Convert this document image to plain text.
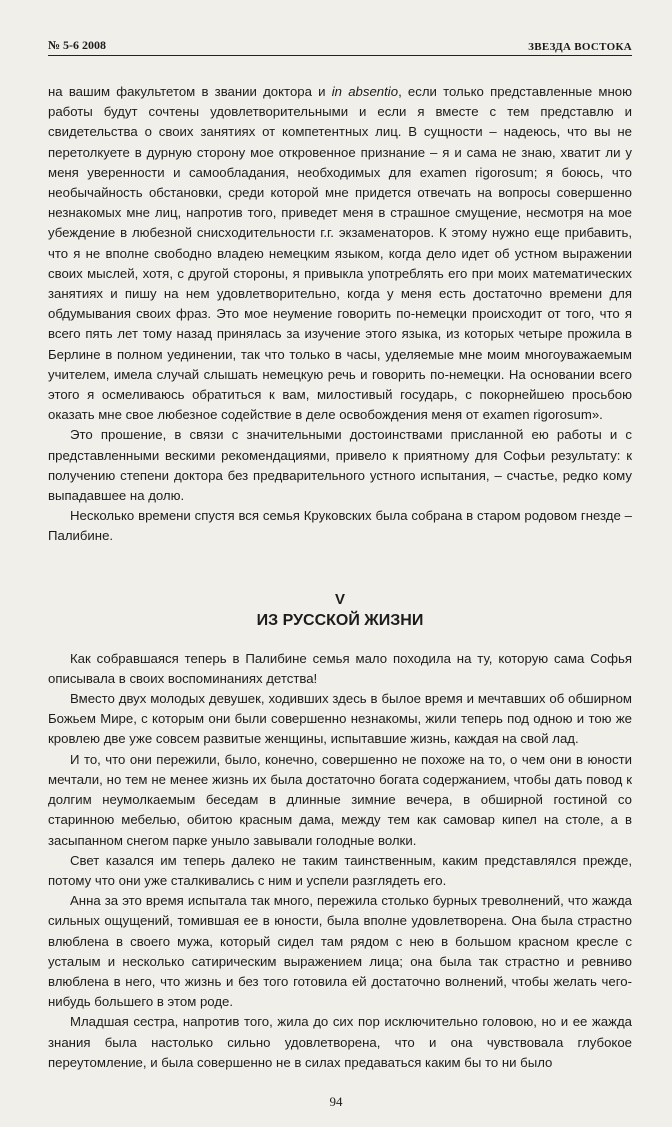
№ 5-6 2008	ЗВЕЗДА ВОСТОКА

на вашим факультетом в звании доктора и in absentio, если только представленные мною работы будут сочтены удовлетворительными и если я вместе с тем представлю и свидетельства о своих занятиях от компетентных лиц. В сущности – надеюсь, что вы не перетолкуете в дурную сторону мое откровенное признание – я и сама не знаю, хватит ли у меня уверенности и самообладания, необходимых для examen rigorosum; я боюсь, что необычайность обстановки, среди которой мне придется отвечать на вопросы совершенно незнакомых мне лиц, напротив того, приведет меня в страшное смущение, несмотря на мое убеждение в любезной снисходительности г.г. экзаменаторов. К этому нужно еще прибавить, что я не вполне свободно владею немецким языком, когда дело идет об устном выражении своих мыслей, хотя, с другой стороны, я привыкла употреблять его при моих математических занятиях и пишу на нем удовлетворительно, когда у меня есть достаточно времени для обдумывания своих фраз. Это мое неумение говорить по-немецки происходит от того, что я всего пять лет тому назад принялась за изучение этого языка, из которых четыре прожила в Берлине в полном уединении, так что только в часы, уделяемые мне моим многоуважаемым учителем, имела случай слышать немецкую речь и говорить по-немецки. На основании всего этого я осмеливаюсь обратиться к вам, милостивый государь, с покорнейшею просьбою оказать мне свое любезное содействие в деле освобождения меня от examen rigorosum».

Это прошение, в связи с значительными достоинствами присланной ею работы и с представленными вескими рекомендациями, привело к приятному для Софьи результату: к получению степени доктора без предварительного устного испытания, – счастье, редко кому выпадавшее на долю.

Несколько времени спустя вся семья Круковских была собрана в старом родовом гнезде – Палибине.

V
ИЗ РУССКОЙ ЖИЗНИ

Как собравшаяся теперь в Палибине семья мало походила на ту, которую сама Софья описывала в своих воспоминаниях детства!

Вместо двух молодых девушек, ходивших здесь в былое время и мечтавших об обширном Божьем Мире, с которым они были совершенно незнакомы, жили теперь под одною и тою же кровлею две уже совсем развитые женщины, испытавшие жизнь, каждая на свой лад.

И то, что они пережили, было, конечно, совершенно не похоже на то, о чем они в юности мечтали, но тем не менее жизнь их была достаточно богата содержанием, чтобы дать повод к долгим неумолкаемым беседам в длинные зимние вечера, в обширной гостиной со старинною мебелью, обитою красным дама, между тем как самовар кипел на столе, а в засыпанном снегом парке уныло завывали голодные волки.

Свет казался им теперь далеко не таким таинственным, каким представлялся прежде, потому что они уже сталкивались с ним и успели разглядеть его.

Анна за это время испытала так много, пережила столько бурных треволнений, что жажда сильных ощущений, томившая ее в юности, была вполне удовлетворена. Она была страстно влюблена в своего мужа, который сидел там рядом с нею в большом красном кресле с усталым и несколько сатирическим выражением лица; она была так страстно и ревниво влюблена в него, что жизнь и без того готовила ей достаточно волнений, чтобы желать чего-нибудь большего в этом роде.

Младшая сестра, напротив того, жила до сих пор исключительно головою, но и ее жажда знания была настолько сильно удовлетворена, что и она чувствовала глубокое переутомление, и была совершенно не в силах предаваться каким бы то ни было

94
